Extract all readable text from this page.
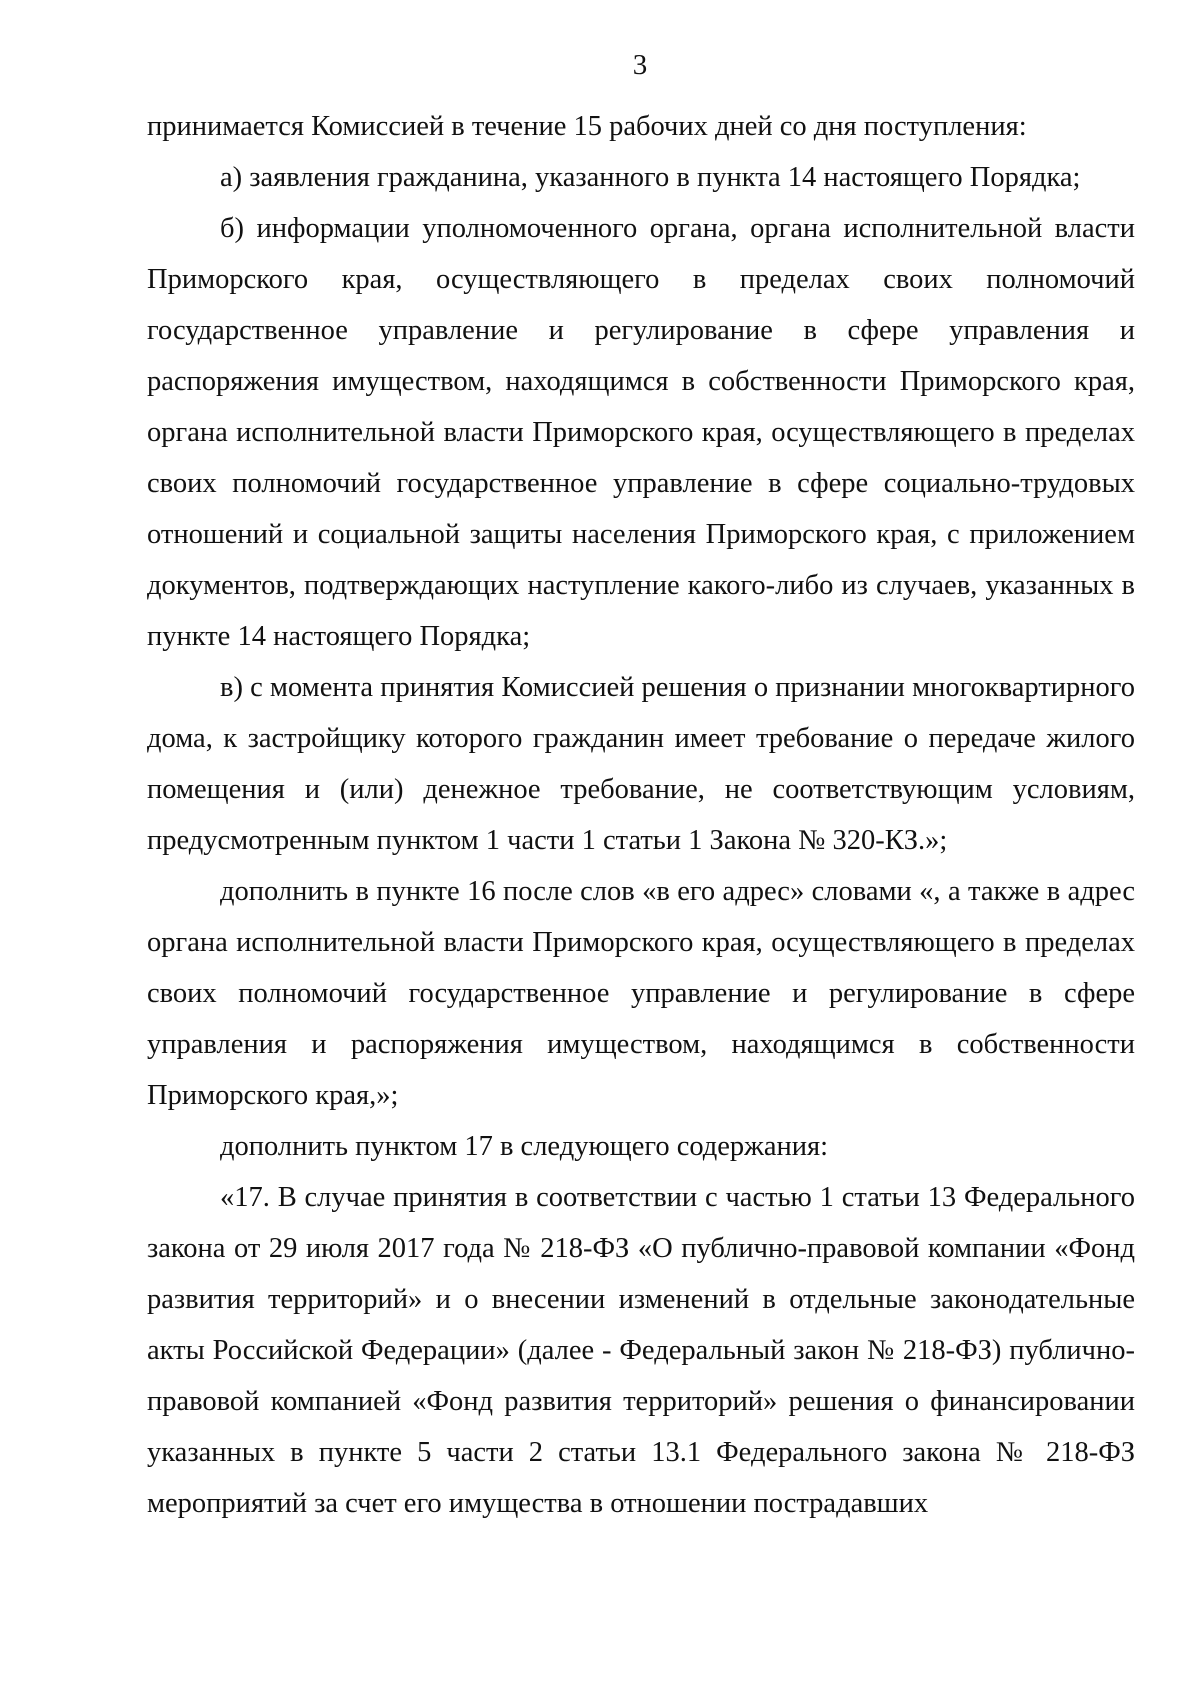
3

принимается Комиссией в течение 15 рабочих дней со дня поступления:

а) заявления гражданина, указанного в пункта 14 настоящего Порядка;

б) информации уполномоченного органа, органа исполнительной власти Приморского края, осуществляющего в пределах своих полномочий государственное управление и регулирование в сфере управления и распоряжения имуществом, находящимся в собственности Приморского края, органа исполнительной власти Приморского края, осуществляющего в пределах своих полномочий государственное управление в сфере социально-трудовых отношений и социальной защиты населения Приморского края, с приложением документов, подтверждающих наступление какого-либо из случаев, указанных в пункте 14 настоящего Порядка;

в) с момента принятия Комиссией решения о признании многоквартирного дома, к застройщику которого гражданин имеет требование о передаче жилого помещения и (или) денежное требование, не соответствующим условиям, предусмотренным пунктом 1 части 1 статьи 1 Закона № 320-КЗ.»;

дополнить в пункте 16 после слов «в его адрес» словами «, а также в адрес органа исполнительной власти Приморского края, осуществляющего в пределах своих полномочий государственное управление и регулирование в сфере управления и распоряжения имуществом, находящимся в собственности Приморского края,»;

дополнить пунктом 17 в следующего содержания:

«17. В случае принятия в соответствии с частью 1 статьи 13 Федерального закона от 29 июля 2017 года № 218-ФЗ «О публично-правовой компании «Фонд развития территорий» и о внесении изменений в отдельные законодательные акты Российской Федерации» (далее - Федеральный закон № 218-ФЗ) публично-правовой компанией «Фонд развития территорий» решения о финансировании указанных в пункте 5 части 2 статьи 13.1 Федерального закона № 218-ФЗ мероприятий за счет его имущества в отношении пострадавших
